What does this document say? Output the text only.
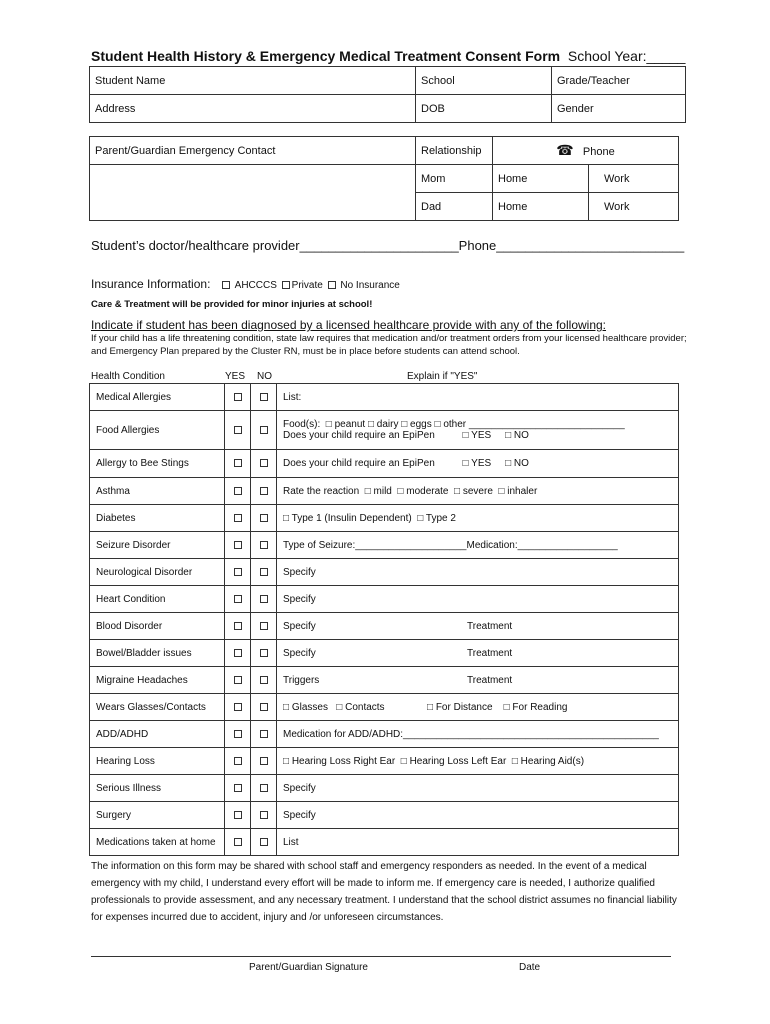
Student Health History & Emergency Medical Treatment Consent Form School Year:_____
Student Name	School	Grade/Teacher
Address	DOB	Gender
Parent/Guardian Emergency Contact	Relationship	☎ Phone	
	Mom	Home	Work
	Dad	Home	Work
Student’s doctor/healthcare provider______________________Phone__________________________
Insurance Information: AHCCCS Private No Insurance
Care & Treatment will be provided for minor injuries at school!
Indicate if student has been diagnosed by a licensed healthcare provide with any of the following:
If your child has a life threatening condition, state law requires that medication and/or treatment orders from your licensed healthcare provider; and Emergency Plan prepared by the Cluster RN, must be in place before students can attend school.
Health Condition	YES NO	Explain if "YES"
Medical Allergies			List:
Food Allergies			Food(s):  □ peanut □ dairy □ eggs □ other ____________________________
Does your child require an EpiPen          □ YES     □ NO

Allergy to Bee Stings			Does your child require an EpiPen          □ YES     □ NO
Asthma			Rate the reaction  □ mild  □ moderate  □ severe  □ inhaler
Diabetes			□ Type 1 (Insulin Dependent)  □ Type 2
Seizure Disorder			Type of Seizure:____________________Medication:__________________
Neurological Disorder			Specify
Heart Condition			Specify
Blood Disorder			Specify Treatment

Bowel/Bladder issues			Specify Treatment

Migraine Headaches			Triggers Treatment

Wears Glasses/Contacts			□ Glasses   □ Contacts □ For Distance    □ For Reading

ADD/ADHD			Medication for ADD/ADHD:______________________________________________
Hearing Loss			□ Hearing Loss Right Ear  □ Hearing Loss Left Ear  □ Hearing Aid(s)
Serious Illness			Specify
Surgery			Specify
Medications taken at home			List
The information on this form may be shared with school staff and emergency responders as needed. In the event of a medical emergency with my child, I understand every effort will be made to inform me. If emergency care is needed, I authorize qualified professionals to provide assessment, and any necessary treatment. I understand that the school district assumes no financial liability for expenses incurred due to accident, injury and /or unforeseen circumstances.
Parent/Guardian Signature	Date
